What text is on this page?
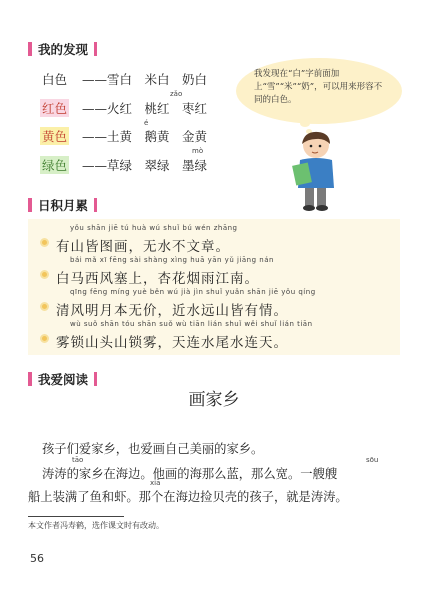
我的发现
白色 ——雪白　米白　奶白
zǎo
红色 ——火红　桃红　枣红
é
黄色 ——土黄　鹅黄　金黄
mò
绿色 ——草绿　翠绿　墨绿
我发现在“白”字前面加上“雪”“米”“奶”，可以用来形容不同的白色。
日积月累
yǒu shān jiē tú huà wú shuǐ bú wén zhāng
有山皆图画，无水不文章。
bái mǎ xī fēng sài shàng xìng huā yān yǔ jiāng nán
白马西风塞上，杏花烟雨江南。
qīng fēng míng yuè běn wú jià jìn shuǐ yuǎn shān jiē yǒu qíng
清风明月本无价，近水远山皆有情。
wù suǒ shān tóu shān suǒ wù tiān lián shuǐ wěi shuǐ lián tiān
雾锁山头山锁雾，天连水尾水连天。
我爱阅读
画家乡
孩子们爱家乡，也爱画自己美丽的家乡。
tāo	sōu
涛涛的家乡在海边。他画的海那么蓝，那么宽。一艘艘
xiā
船上装满了鱼和虾。那个在海边捡贝壳的孩子，就是涛涛。
本文作者冯寿鹤，选作课文时有改动。
56
